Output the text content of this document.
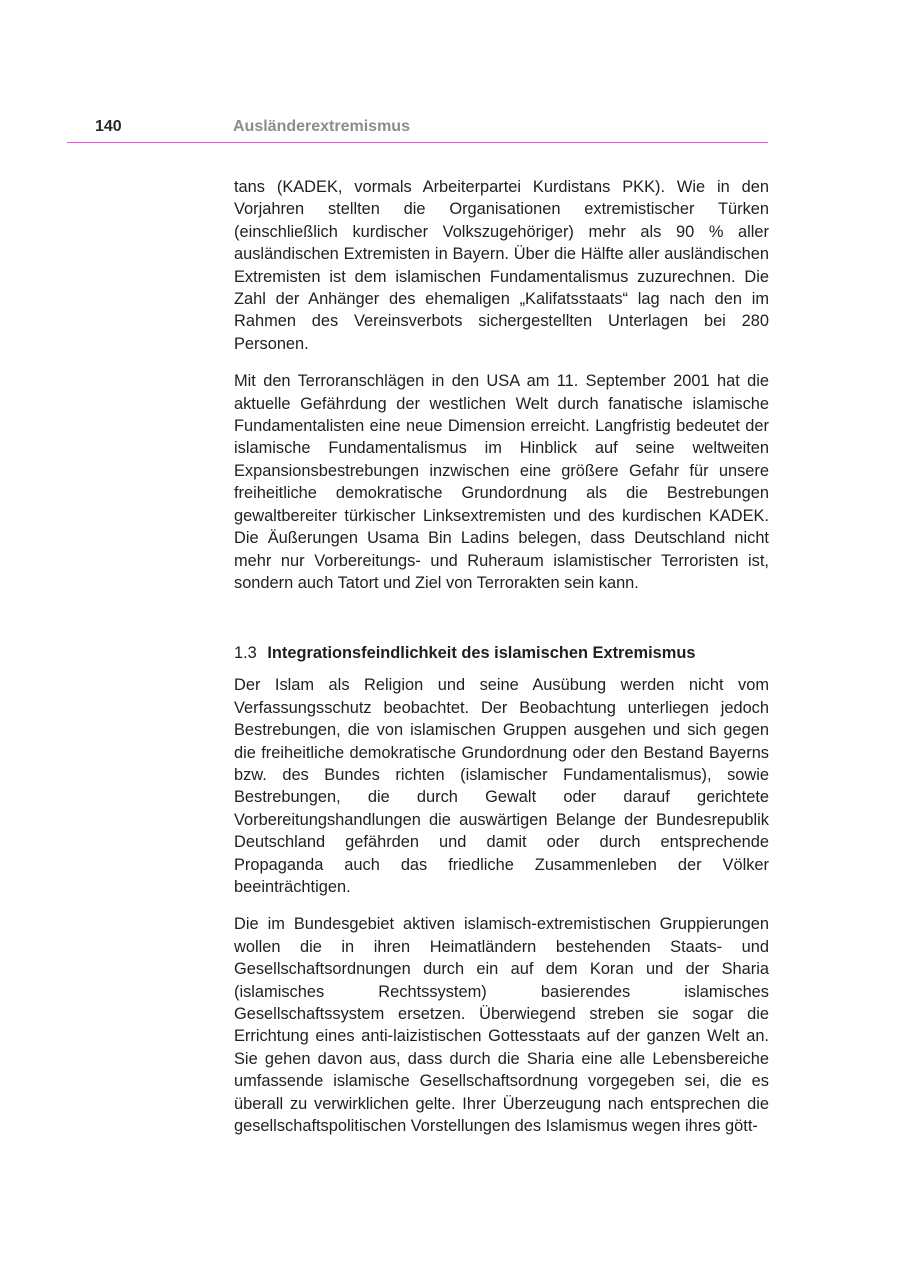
140	Ausländerextremismus

tans (KADEK, vormals Arbeiterpartei Kurdistans PKK). Wie in den Vorjahren stellten die Organisationen extremistischer Türken (einschließlich kurdischer Volkszugehöriger) mehr als 90 % aller ausländischen Extremisten in Bayern. Über die Hälfte aller ausländischen Extremisten ist dem islamischen Fundamentalismus zuzurechnen. Die Zahl der Anhänger des ehemaligen „Kalifatsstaats“ lag nach den im Rahmen des Vereinsverbots sichergestellten Unterlagen bei 280 Personen.

Mit den Terroranschlägen in den USA am 11. September 2001 hat die aktuelle Gefährdung der westlichen Welt durch fanatische islamische Fundamentalisten eine neue Dimension erreicht. Langfristig bedeutet der islamische Fundamentalismus im Hinblick auf seine weltweiten Expansionsbestrebungen inzwischen eine größere Gefahr für unsere freiheitliche demokratische Grundordnung als die Bestrebungen gewaltbereiter türkischer Linksextremisten und des kurdischen KADEK. Die Äußerungen Usama Bin Ladins belegen, dass Deutschland nicht mehr nur Vorbereitungs- und Ruheraum islamistischer Terroristen ist, sondern auch Tatort und Ziel von Terrorakten sein kann.

1.3 Integrationsfeindlichkeit des islamischen Extremismus

Der Islam als Religion und seine Ausübung werden nicht vom Verfassungsschutz beobachtet. Der Beobachtung unterliegen jedoch Bestrebungen, die von islamischen Gruppen ausgehen und sich gegen die freiheitliche demokratische Grundordnung oder den Bestand Bayerns bzw. des Bundes richten (islamischer Fundamentalismus), sowie Bestrebungen, die durch Gewalt oder darauf gerichtete Vorbereitungshandlungen die auswärtigen Belange der Bundesrepublik Deutschland gefährden und damit oder durch entsprechende Propaganda auch das friedliche Zusammenleben der Völker beeinträchtigen.

Die im Bundesgebiet aktiven islamisch-extremistischen Gruppierungen wollen die in ihren Heimatländern bestehenden Staats- und Gesellschaftsordnungen durch ein auf dem Koran und der Sharia (islamisches Rechtssystem) basierendes islamisches Gesellschaftssystem ersetzen. Überwiegend streben sie sogar die Errichtung eines anti-laizistischen Gottesstaats auf der ganzen Welt an. Sie gehen davon aus, dass durch die Sharia eine alle Lebensbereiche umfassende islamische Gesellschaftsordnung vorgegeben sei, die es überall zu verwirklichen gelte. Ihrer Überzeugung nach entsprechen die gesellschaftspolitischen Vorstellungen des Islamismus wegen ihres gött-
